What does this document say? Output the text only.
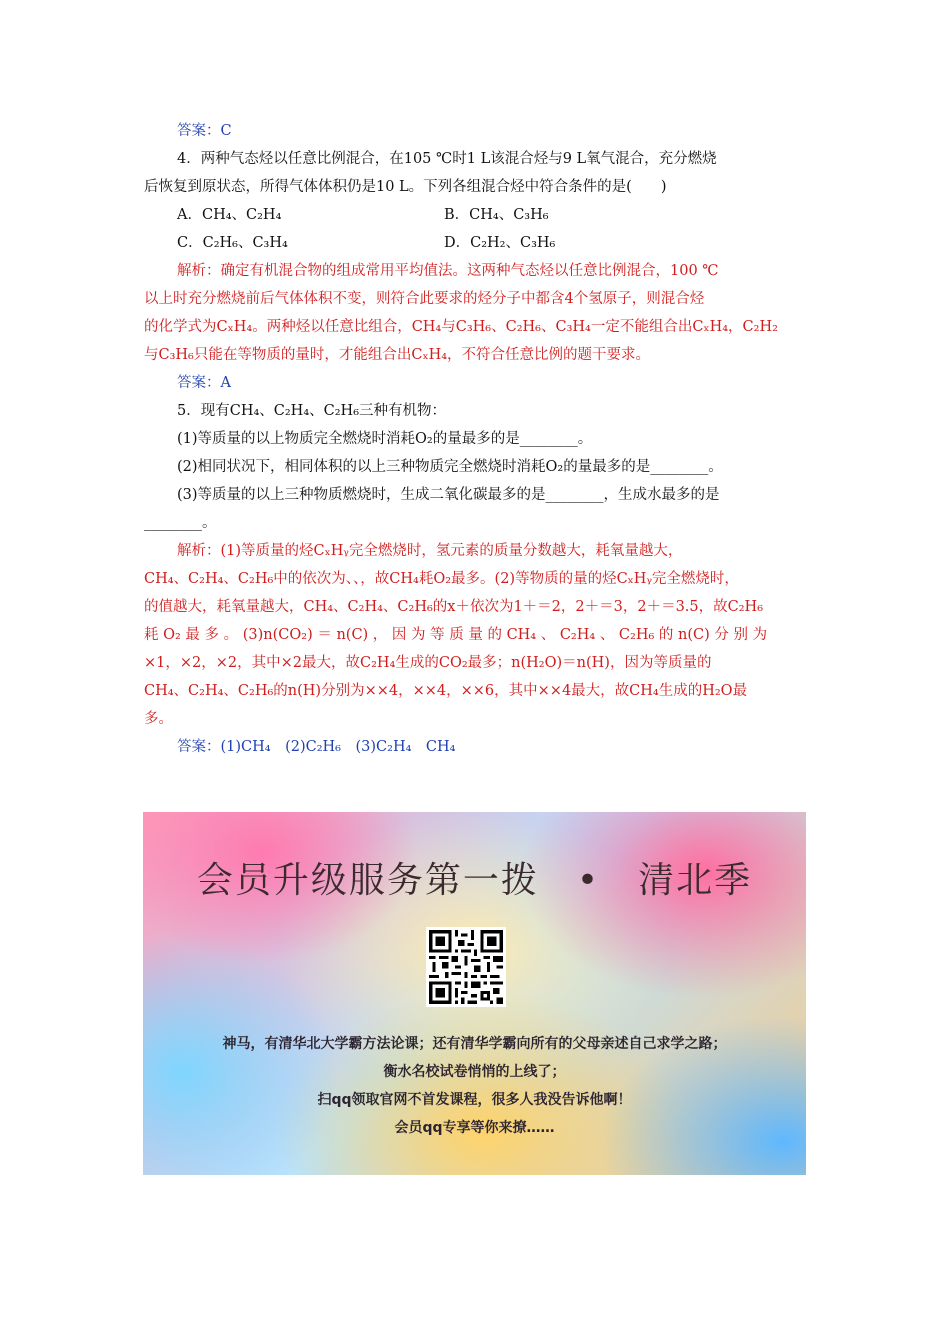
答案：C
4．两种气态烃以任意比例混合，在105 ℃时1 L该混合烃与9 L氧气混合，充分燃烧
后恢复到原状态，所得气体体积仍是10 L。下列各组混合烃中符合条件的是(　　)
A．CH₄、C₂H₄	B．CH₄、C₃H₆
C．C₂H₆、C₃H₄	D．C₂H₂、C₃H₆
解析：确定有机混合物的组成常用平均值法。这两种气态烃以任意比例混合，100 ℃
以上时充分燃烧前后气体体积不变，则符合此要求的烃分子中都含4个氢原子，则混合烃
的化学式为CₓH₄。两种烃以任意比组合，CH₄与C₃H₆、C₂H₆、C₃H₄一定不能组合出CₓH₄，C₂H₂
与C₃H₆只能在等物质的量时，才能组合出CₓH₄，不符合任意比例的题干要求。
答案：A
5．现有CH₄、C₂H₄、C₂H₆三种有机物：
(1)等质量的以上物质完全燃烧时消耗O₂的量最多的是________。
(2)相同状况下，相同体积的以上三种物质完全燃烧时消耗O₂的量最多的是________。
(3)等质量的以上三种物质燃烧时，生成二氧化碳最多的是________，生成水最多的是
________。
解析：(1)等质量的烃CₓHᵧ完全燃烧时，氢元素的质量分数越大，耗氧量越大，
CH₄、C₂H₄、C₂H₆中的依次为、、，故CH₄耗O₂最多。(2)等物质的量的烃CₓHᵧ完全燃烧时，
的值越大，耗氧量越大，CH₄、C₂H₄、C₂H₆的x＋依次为1＋＝2，2＋＝3，2＋＝3.5，故C₂H₆
耗 O₂ 最 多 。 (3)n(CO₂) ＝ n(C) ， 因 为 等 质 量 的 CH₄ 、 C₂H₄ 、 C₂H₆ 的 n(C) 分 别 为
×1，×2，×2，其中×2最大，故C₂H₄生成的CO₂最多；n(H₂O)＝n(H)，因为等质量的
CH₄、C₂H₄、C₂H₆的n(H)分别为××4，××4，××6，其中××4最大，故CH₄生成的H₂O最
多。
答案：(1)CH₄　(2)C₂H₆　(3)C₂H₄　CH₄
会员升级服务第一拨　•　清北季
神马，有清华北大学霸方法论课；还有清华学霸向所有的父母亲述自己求学之路；
衡水名校试卷悄悄的上线了；
扫qq领取官网不首发课程，很多人我没告诉他啊！
会员qq专享等你来撩……
